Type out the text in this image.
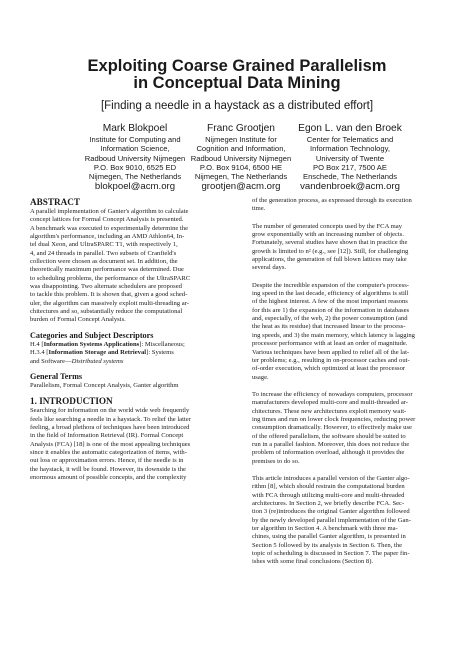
Exploiting Coarse Grained Parallelism
in Conceptual Data Mining
[Finding a needle in a haystack as a distributed effort]
Mark Blokpoel
Institute for Computing and
Information Science,
Radboud University Nijmegen
P.O. Box 9010, 6525 ED
Nijmegen, The Netherlands
blokpoel@acm.org
Franc Grootjen
Nijmegen Institute for
Cognition and Information,
Radboud University Nijmegen
P.O. Box 9104, 6500 HE
Nijmegen, The Netherlands
grootjen@acm.org
Egon L. van den Broek
Center for Telematics and
Information Technology,
University of Twente
PO Box 217, 7500 AE
Enschede, The Netherlands
vandenbroek@acm.org
ABSTRACT
A parallel implementation of Ganter's algorithm to calculate
concept lattices for Formal Concept Analysis is presented.
A benchmark was executed to experimentally determine the
algorithm's performance, including an AMD Athlon64, In-
tel dual Xeon, and UltraSPARC T1, with respectively 1,
4, and 24 threads in parallel. Two subsets of Cranfield's
collection were chosen as document set. In addition, the
theoretically maximum performance was determined. Due
to scheduling problems, the performance of the UltraSPARC
was disappointing. Two alternate schedulers are proposed
to tackle this problem. It is shown that, given a good sched-
uler, the algorithm can massively exploit multi-threading ar-
chitectures and so, substantially reduce the computational
burden of Formal Concept Analysis.
Categories and Subject Descriptors
H.4 [Information Systems Applications]: Miscellaneous;
H.3.4 [Information Storage and Retrieval]: Systems
and Software—Distributed systems
General Terms
Parallelism, Formal Concept Analysis, Ganter algorithm
1. INTRODUCTION
Searching for information on the world wide web frequently
feels like searching a needle in a haystack. To relief the latter
feeling, a broad plethora of techniques have been introduced
in the field of Information Retrieval (IR). Formal Concept
Analysis (FCA) [18] is one of the most appealing techniques
since it enables the automatic categorization of items, with-
out loss or approximation errors. Hence, if the needle is in
the haystack, it will be found. However, its downside is the
enormous amount of possible concepts, and the complexity
of the generation process, as expressed through its execution
time.
The number of generated concepts used by the FCA may
grow exponentially with an increasing number of objects.
Fortunately, several studies have shown that in practice the
growth is limited to n² (e.g., see [12]). Still, for challenging
applications, the generation of full blown lattices may take
several days.
Despite the incredible expansion of the computer's process-
ing speed in the last decade, efficiency of algorithms is still
of the highest interest. A few of the most important reasons
for this are 1) the expansion of the information in databases
and, especially, of the web, 2) the power consumption (and
the heat as its residue) that increased linear to the process-
ing speeds, and 3) the main memory, which latency is lagging
processor performance with at least an order of magnitude.
Various techniques have been applied to relief all of the lat-
ter problems; e.g., resulting in on-processor caches and out-
of-order execution, which optimized at least the processor
usage.
To increase the efficiency of nowadays computers, processor
manufacturers developed multi-core and multi-threaded ar-
chitectures. These new architectures exploit memory wait-
ing times and run on lower clock frequencies, reducing power
consumption dramatically. However, to effectively make use
of the offered parallelism, the software should be suited to
run in a parallel fashion. Moreover, this does not reduce the
problem of information overload, although it provides the
premises to do so.
This article introduces a parallel version of the Ganter algo-
rithm [8], which should restrain the computational burden
with FCA through utilizing multi-core and multi-threaded
architectures. In Section 2, we briefly describe FCA. Sec-
tion 3 (re)introduces the original Ganter algorithm followed
by the newly developed parallel implementation of the Gan-
ter algorithm in Section 4. A benchmark with three ma-
chines, using the parallel Ganter algorithm, is presented in
Section 5 followed by its analysis in Section 6. Then, the
topic of scheduling is discussed in Section 7. The paper fin-
ishes with some final conclusions (Section 8).
